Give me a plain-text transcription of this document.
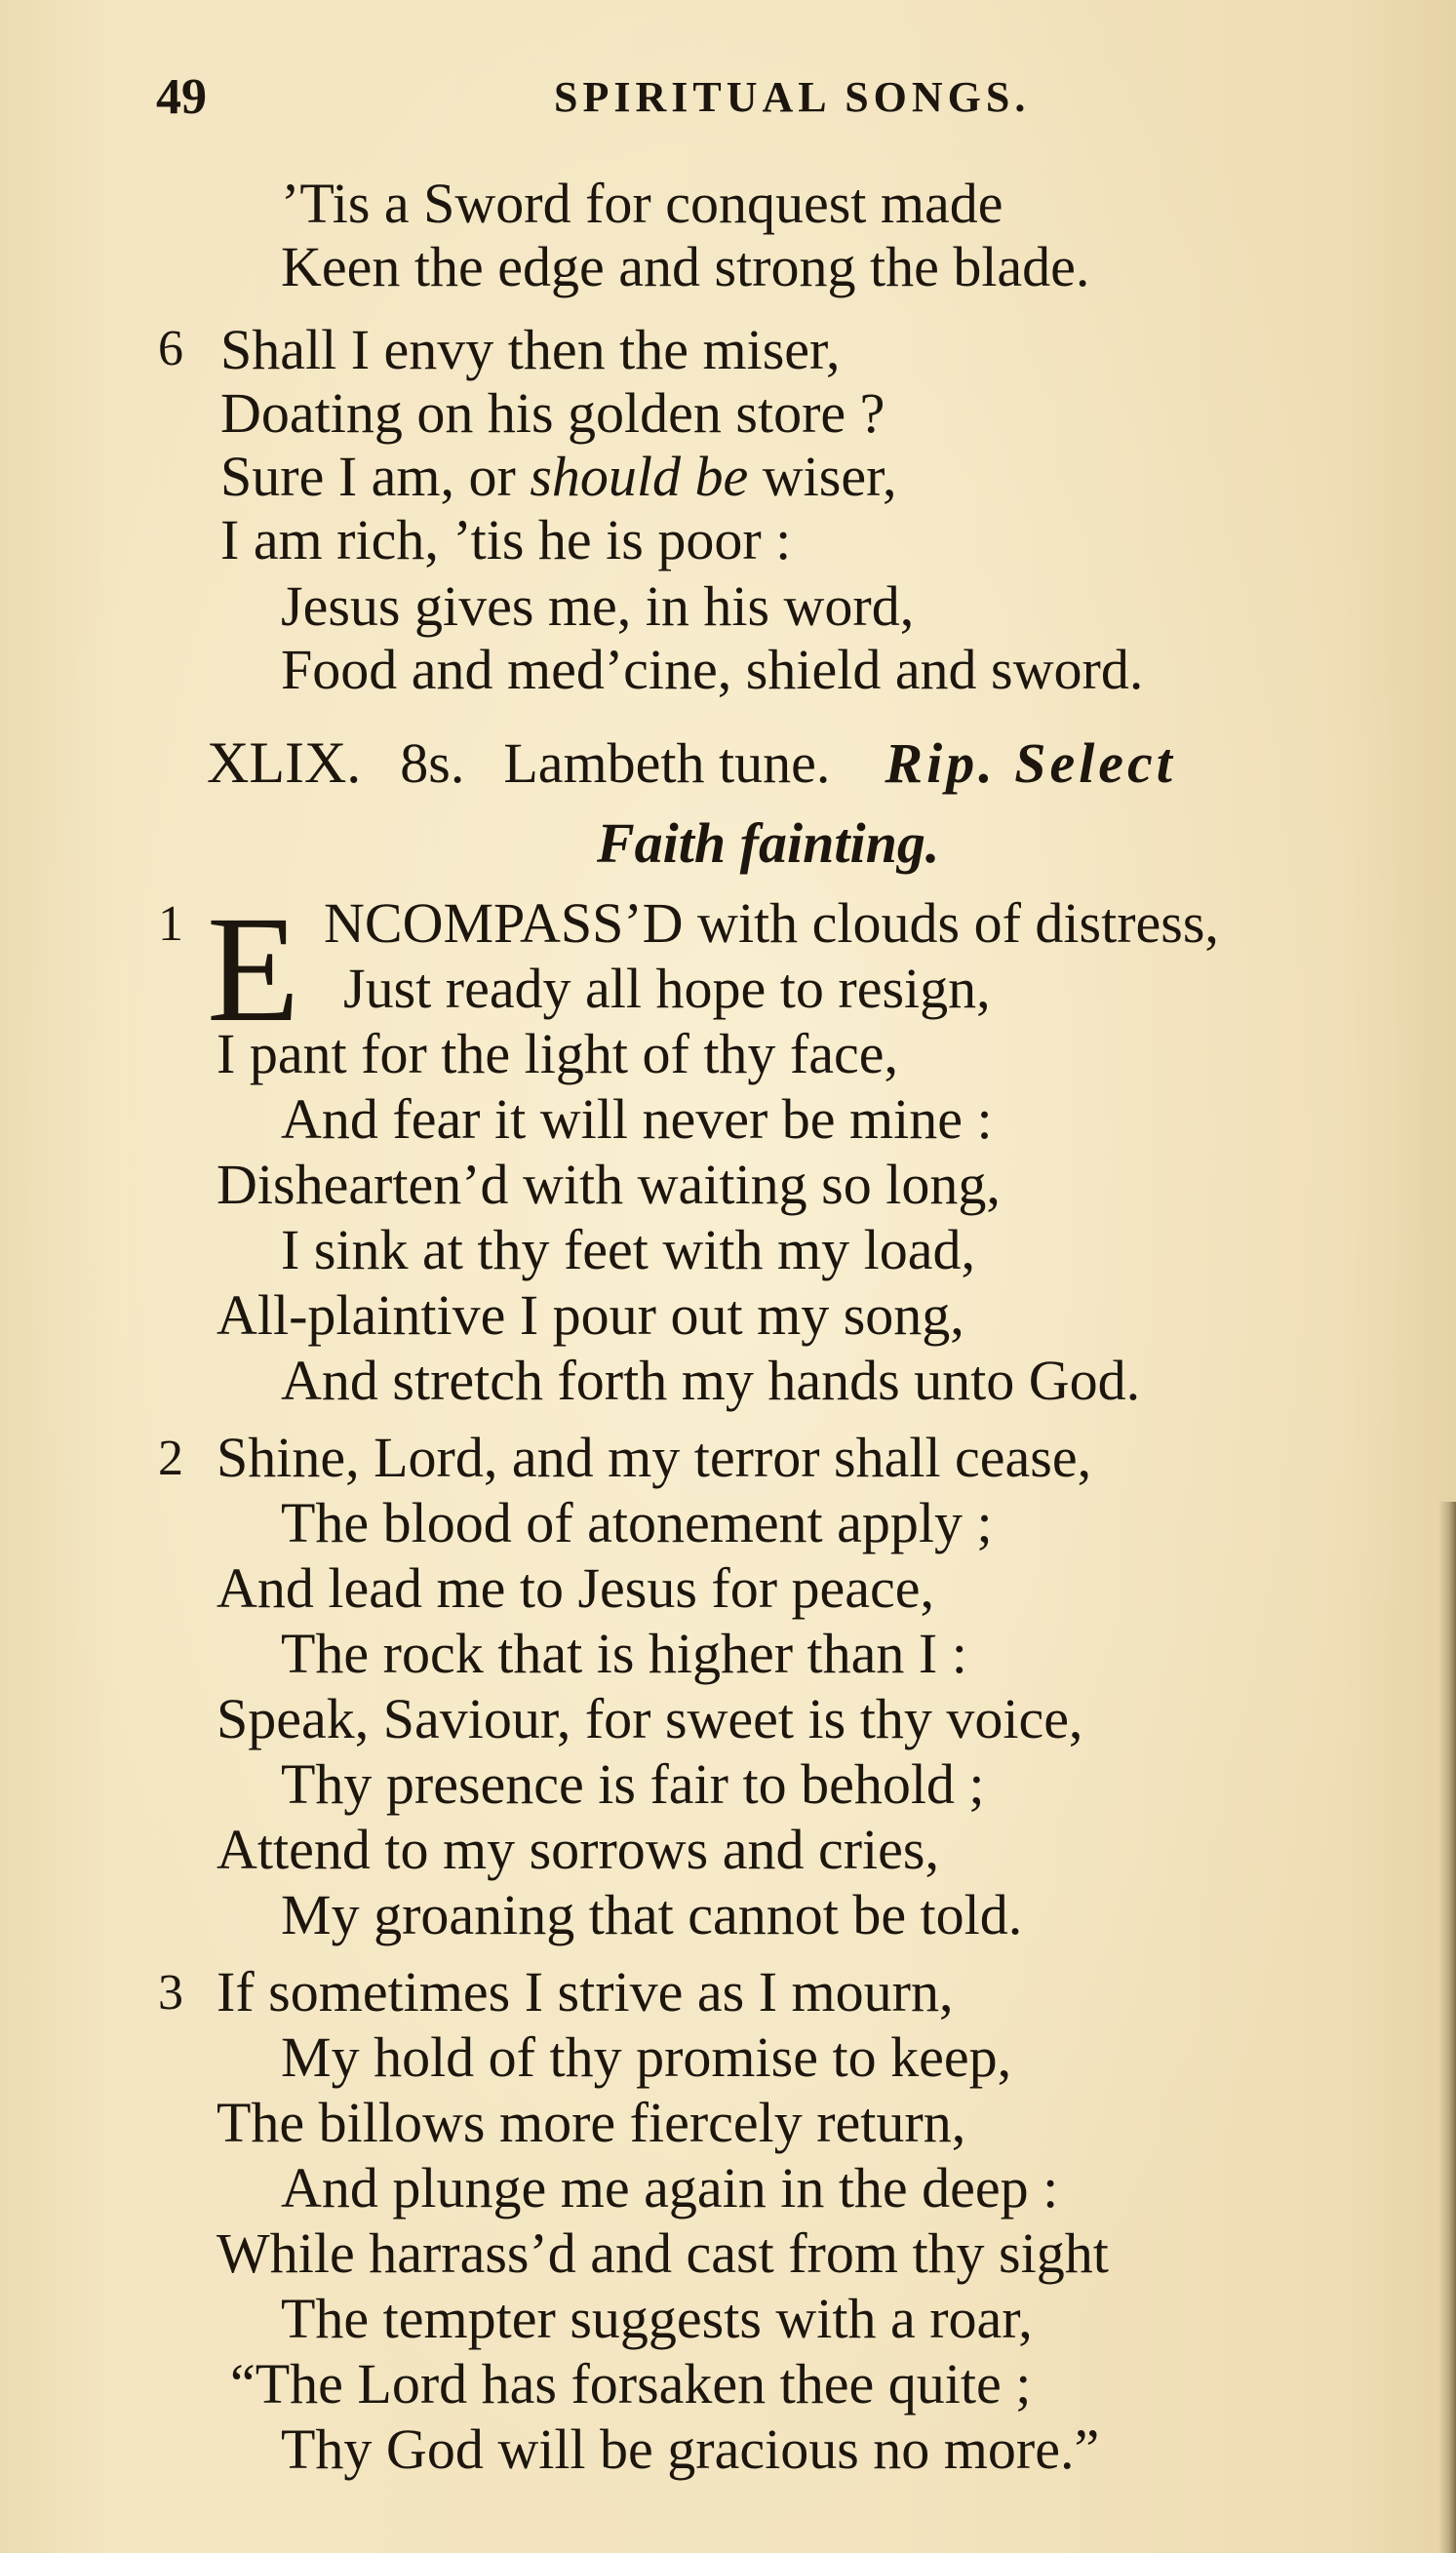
49	SPIRITUAL SONGS.
’Tis a Sword for conquest made
Keen the edge and strong the blade.
6 Shall I envy then the miser,
Doating on his golden store ?
Sure I am, or should be wiser,
I am rich, ’tis he is poor :
Jesus gives me, in his word,
Food and med’cine, shield and sword.
XLIX. 8s. Lambeth tune. Rip. Select
Faith fainting.
1 E NCOMPASS’D with clouds of distress,
Just ready all hope to resign,
I pant for the light of thy face,
And fear it will never be mine :
Dishearten’d with waiting so long,
I sink at thy feet with my load,
All-plaintive I pour out my song,
And stretch forth my hands unto God.
2 Shine, Lord, and my terror shall cease,
The blood of atonement apply ;
And lead me to Jesus for peace,
The rock that is higher than I :
Speak, Saviour, for sweet is thy voice,
Thy presence is fair to behold ;
Attend to my sorrows and cries,
My groaning that cannot be told.
3 If sometimes I strive as I mourn,
My hold of thy promise to keep,
The billows more fiercely return,
And plunge me again in the deep :
While harrass’d and cast from thy sight
The tempter suggests with a roar,
“The Lord has forsaken thee quite ;
Thy God will be gracious no more.”
